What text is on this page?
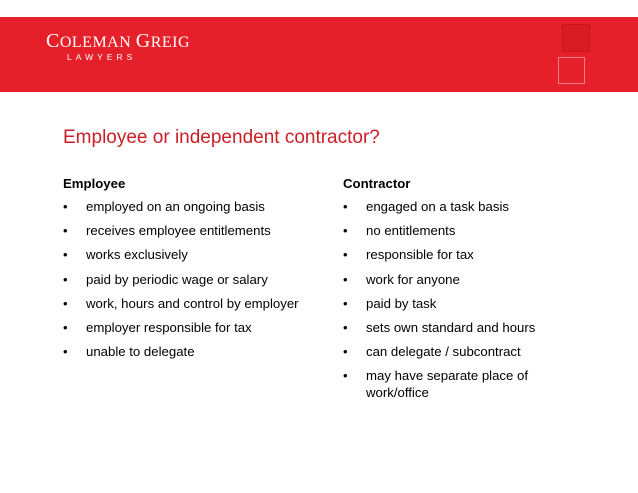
COLEMAN GREIG
LAWYERS
Employee or independent contractor?
Employee
• employed on an ongoing basis
• receives employee entitlements
• works exclusively
• paid by periodic wage or salary
• work, hours and control by employer
• employer responsible for tax
• unable to delegate
Contractor
• engaged on a task basis
• no entitlements
• responsible for tax
• work for anyone
• paid by task
• sets own standard and hours
• can delegate / subcontract
• may have separate place of work/office
